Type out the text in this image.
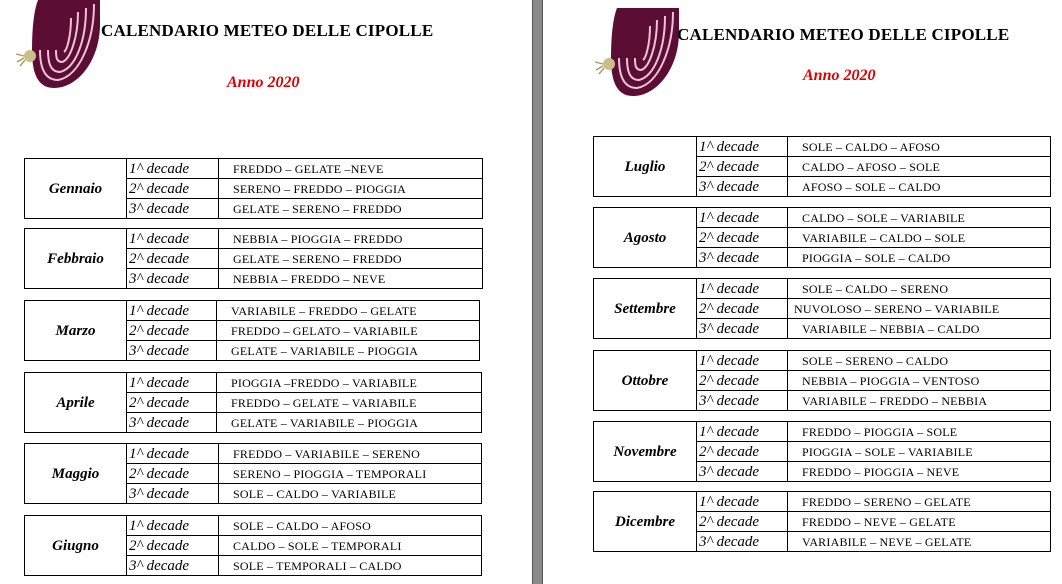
CALENDARIO METEO DELLE CIPOLLE
Anno 2020
Gennaio	1^ decade	FREDDO – GELATE –NEVE
	2^ decade	SERENO – FREDDO – PIOGGIA
	3^ decade	GELATE – SERENO – FREDDO
Febbraio	1^ decade	NEBBIA – PIOGGIA – FREDDO
	2^ decade	GELATE – SERENO – FREDDO
	3^ decade	NEBBIA – FREDDO – NEVE
Marzo	1^ decade	VARIABILE – FREDDO – GELATE
	2^ decade	FREDDO – GELATO – VARIABILE
	3^ decade	GELATE – VARIABILE – PIOGGIA
Aprile	1^ decade	PIOGGIA –FREDDO – VARIABILE
	2^ decade	FREDDO – GELATE – VARIABILE
	3^ decade	GELATE – VARIABILE – PIOGGIA
Maggio	1^ decade	FREDDO – VARIABILE – SERENO
	2^ decade	SERENO – PIOGGIA – TEMPORALI
	3^ decade	SOLE – CALDO – VARIABILE
Giugno	1^ decade	SOLE – CALDO – AFOSO
	2^ decade	CALDO – SOLE – TEMPORALI
	3^ decade	SOLE – TEMPORALI – CALDO
CALENDARIO METEO DELLE CIPOLLE
Anno 2020
Luglio	1^ decade	SOLE – CALDO – AFOSO
	2^ decade	CALDO – AFOSO – SOLE
	3^ decade	AFOSO – SOLE – CALDO
Agosto	1^ decade	CALDO – SOLE – VARIABILE
	2^ decade	VARIABILE – CALDO – SOLE
	3^ decade	PIOGGIA – SOLE – CALDO
Settembre	1^ decade	SOLE – CALDO – SERENO
	2^ decade	NUVOLOSO – SERENO – VARIABILE
	3^ decade	VARIABILE – NEBBIA – CALDO
Ottobre	1^ decade	SOLE – SERENO – CALDO
	2^ decade	NEBBIA – PIOGGIA – VENTOSO
	3^ decade	VARIABILE – FREDDO – NEBBIA
Novembre	1^ decade	FREDDO – PIOGGIA – SOLE
	2^ decade	PIOGGIA – SOLE – VARIABILE
	3^ decade	FREDDO – PIOGGIA – NEVE
Dicembre	1^ decade	FREDDO – SERENO – GELATE
	2^ decade	FREDDO – NEVE – GELATE
	3^ decade	VARIABILE – NEVE – GELATE
